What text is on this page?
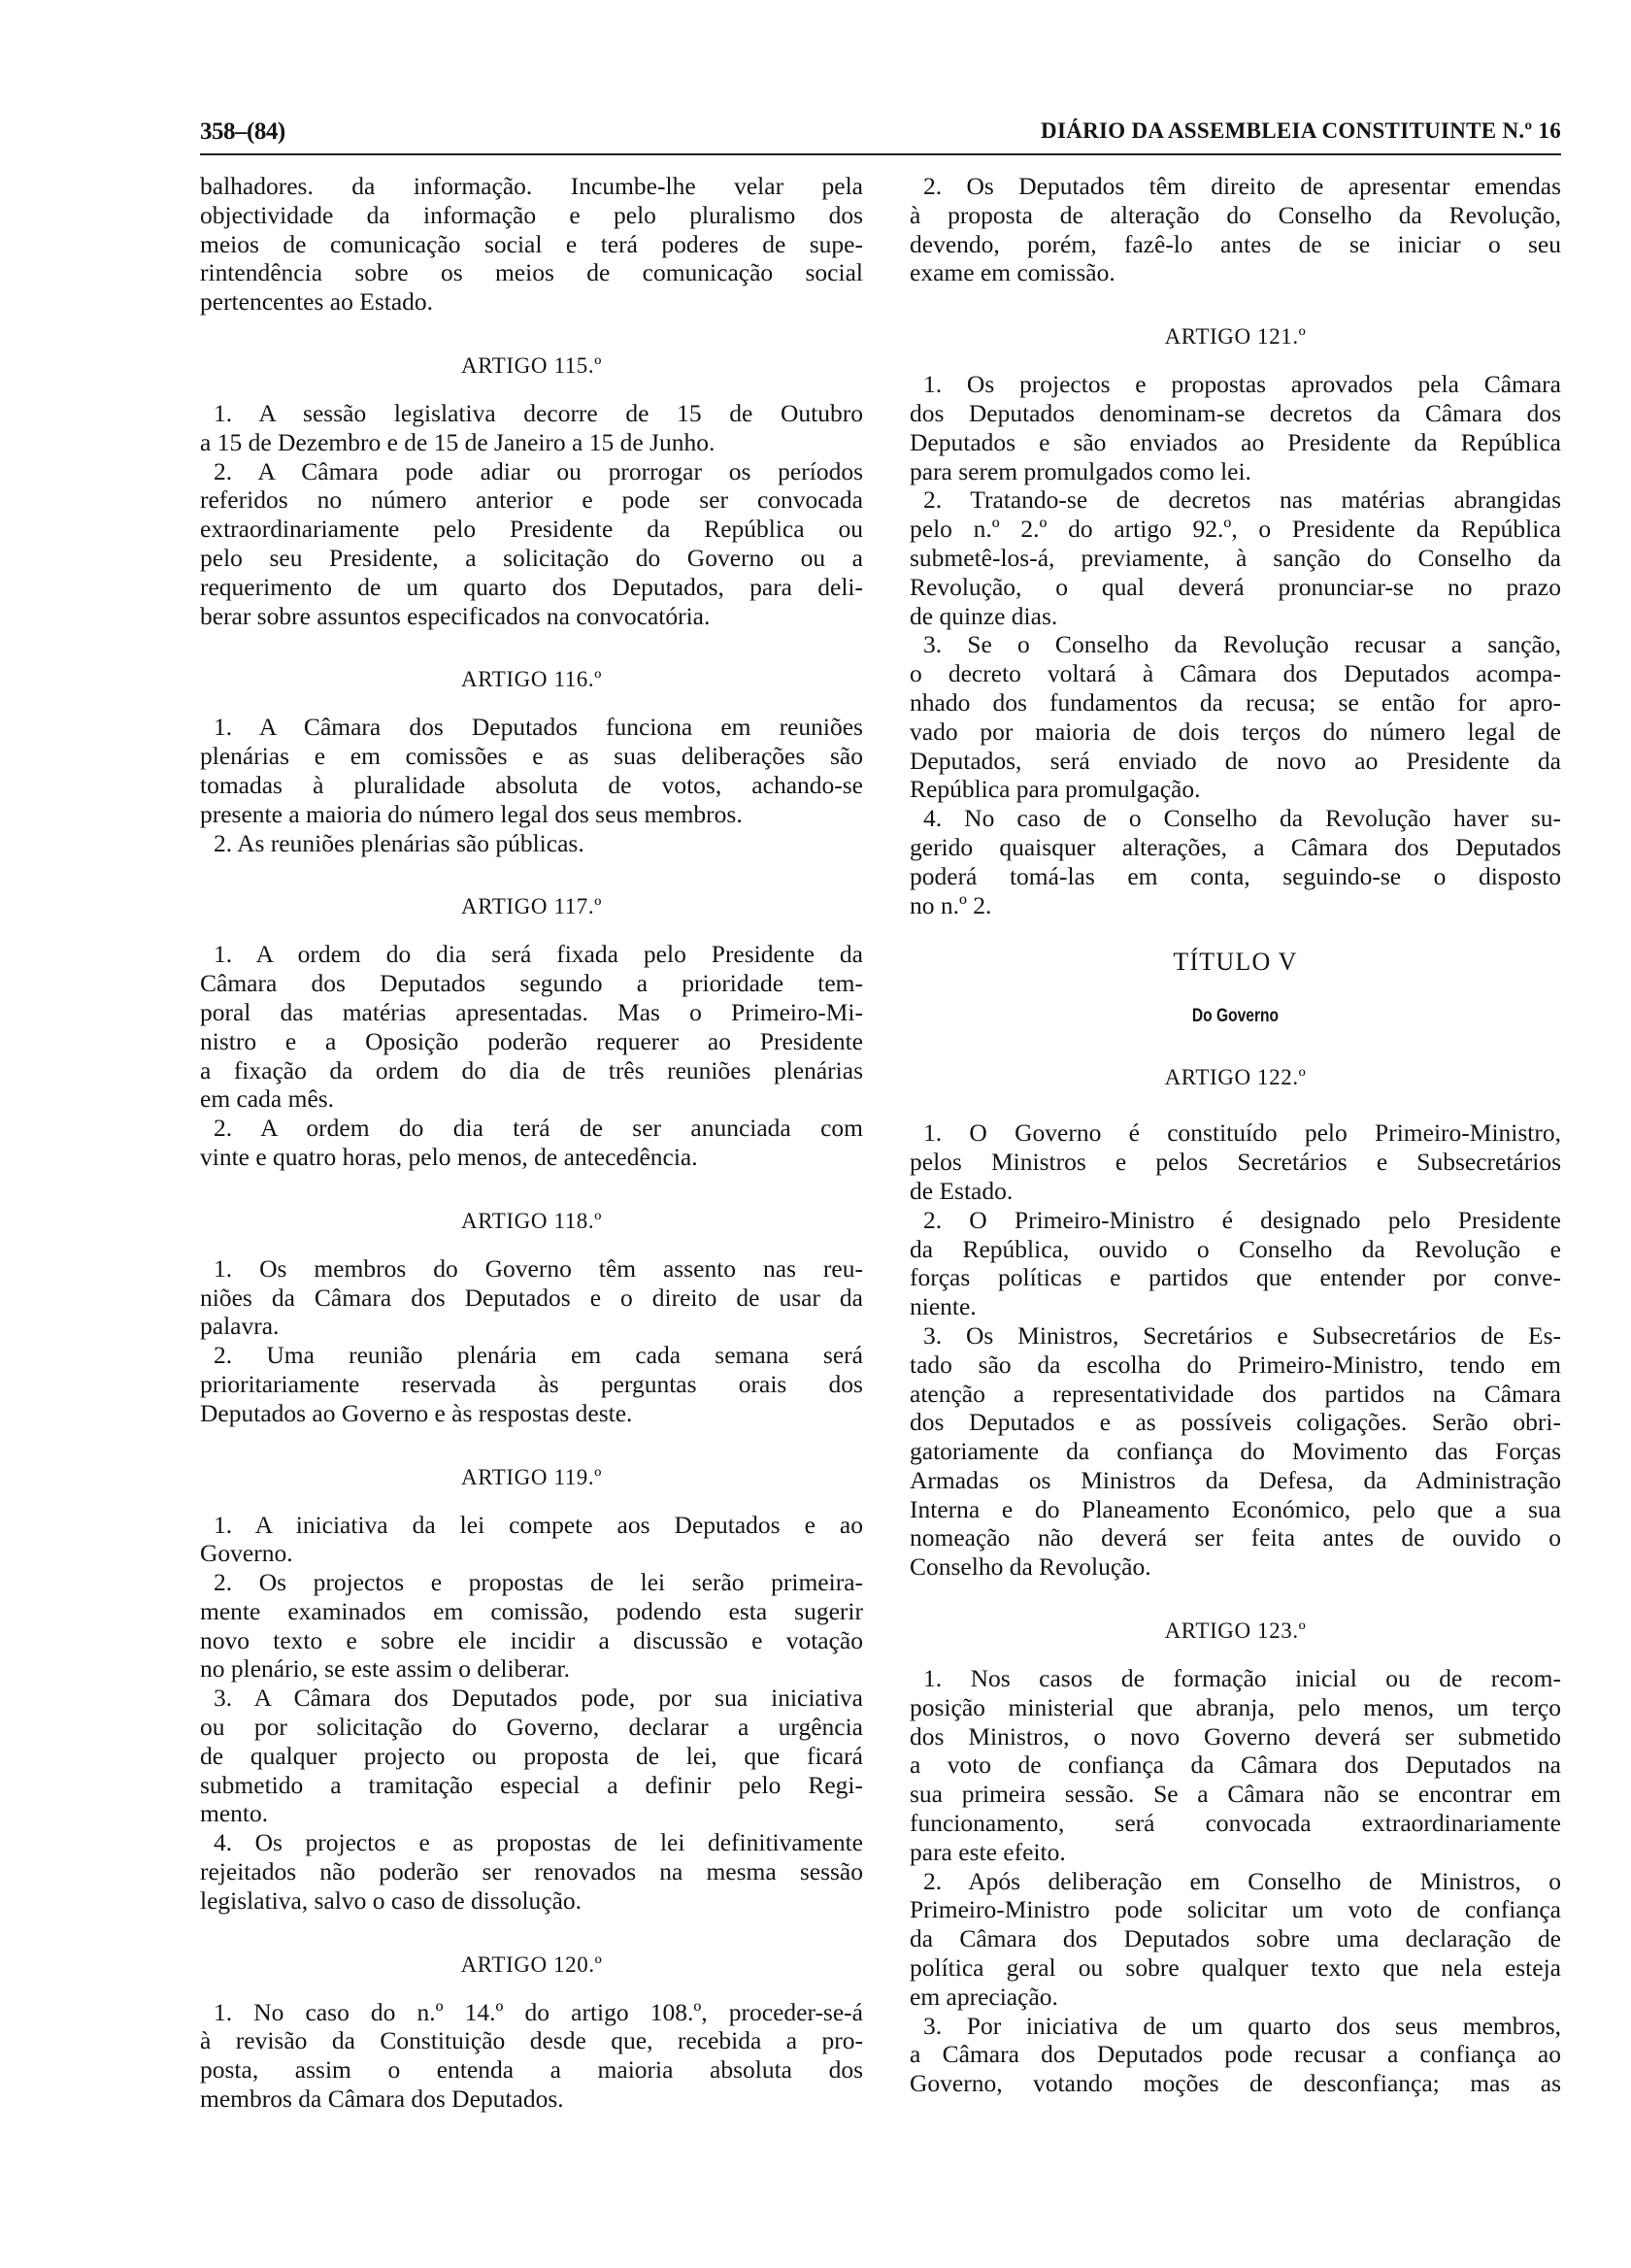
358–(84)	DIÁRIO DA ASSEMBLEIA CONSTITUINTE N.º 16
balhadores. da informação. Incumbe-lhe velar pela
objectividade da informação e pelo pluralismo dos
meios de comunicação social e terá poderes de supe-
rintendência sobre os meios de comunicação social
pertencentes ao Estado.
ARTIGO 115.º
1. A sessão legislativa decorre de 15 de Outubro
a 15 de Dezembro e de 15 de Janeiro a 15 de Junho.
2. A Câmara pode adiar ou prorrogar os períodos
referidos no número anterior e pode ser convocada
extraordinariamente pelo Presidente da República ou
pelo seu Presidente, a solicitação do Governo ou a
requerimento de um quarto dos Deputados, para deli-
berar sobre assuntos especificados na convocatória.
ARTIGO 116.º
1. A Câmara dos Deputados funciona em reuniões
plenárias e em comissões e as suas deliberações são
tomadas à pluralidade absoluta de votos, achando-se
presente a maioria do número legal dos seus membros.
2. As reuniões plenárias são públicas.
ARTIGO 117.º
1. A ordem do dia será fixada pelo Presidente da
Câmara dos Deputados segundo a prioridade tem-
poral das matérias apresentadas. Mas o Primeiro-Mi-
nistro e a Oposição poderão requerer ao Presidente
a fixação da ordem do dia de três reuniões plenárias
em cada mês.
2. A ordem do dia terá de ser anunciada com
vinte e quatro horas, pelo menos, de antecedência.
ARTIGO 118.º
1. Os membros do Governo têm assento nas reu-
niões da Câmara dos Deputados e o direito de usar da
palavra.
2. Uma reunião plenária em cada semana será
prioritariamente reservada às perguntas orais dos
Deputados ao Governo e às respostas deste.
ARTIGO 119.º
1. A iniciativa da lei compete aos Deputados e ao
Governo.
2. Os projectos e propostas de lei serão primeira-
mente examinados em comissão, podendo esta sugerir
novo texto e sobre ele incidir a discussão e votação
no plenário, se este assim o deliberar.
3. A Câmara dos Deputados pode, por sua iniciativa
ou por solicitação do Governo, declarar a urgência
de qualquer projecto ou proposta de lei, que ficará
submetido a tramitação especial a definir pelo Regi-
mento.
4. Os projectos e as propostas de lei definitivamente
rejeitados não poderão ser renovados na mesma sessão
legislativa, salvo o caso de dissolução.
ARTIGO 120.º
1. No caso do n.º 14.º do artigo 108.º, proceder-se-á
à revisão da Constituição desde que, recebida a pro-
posta, assim o entenda a maioria absoluta dos
membros da Câmara dos Deputados.
2. Os Deputados têm direito de apresentar emendas
à proposta de alteração do Conselho da Revolução,
devendo, porém, fazê-lo antes de se iniciar o seu
exame em comissão.
ARTIGO 121.º
1. Os projectos e propostas aprovados pela Câmara
dos Deputados denominam-se decretos da Câmara dos
Deputados e são enviados ao Presidente da República
para serem promulgados como lei.
2. Tratando-se de decretos nas matérias abrangidas
pelo n.º 2.º do artigo 92.º, o Presidente da República
submetê-los-á, previamente, à sanção do Conselho da
Revolução, o qual deverá pronunciar-se no prazo
de quinze dias.
3. Se o Conselho da Revolução recusar a sanção,
o decreto voltará à Câmara dos Deputados acompa-
nhado dos fundamentos da recusa; se então for apro-
vado por maioria de dois terços do número legal de
Deputados, será enviado de novo ao Presidente da
República para promulgação.
4. No caso de o Conselho da Revolução haver su-
gerido quaisquer alterações, a Câmara dos Deputados
poderá tomá-las em conta, seguindo-se o disposto
no n.º 2.
TÍTULO V
Do Governo
ARTIGO 122.º
1. O Governo é constituído pelo Primeiro-Ministro,
pelos Ministros e pelos Secretários e Subsecretários
de Estado.
2. O Primeiro-Ministro é designado pelo Presidente
da República, ouvido o Conselho da Revolução e
forças políticas e partidos que entender por conve-
niente.
3. Os Ministros, Secretários e Subsecretários de Es-
tado são da escolha do Primeiro-Ministro, tendo em
atenção a representatividade dos partidos na Câmara
dos Deputados e as possíveis coligações. Serão obri-
gatoriamente da confiança do Movimento das Forças
Armadas os Ministros da Defesa, da Administração
Interna e do Planeamento Económico, pelo que a sua
nomeação não deverá ser feita antes de ouvido o
Conselho da Revolução.
ARTIGO 123.º
1. Nos casos de formação inicial ou de recom-
posição ministerial que abranja, pelo menos, um terço
dos Ministros, o novo Governo deverá ser submetido
a voto de confiança da Câmara dos Deputados na
sua primeira sessão. Se a Câmara não se encontrar em
funcionamento, será convocada extraordinariamente
para este efeito.
2. Após deliberação em Conselho de Ministros, o
Primeiro-Ministro pode solicitar um voto de confiança
da Câmara dos Deputados sobre uma declaração de
política geral ou sobre qualquer texto que nela esteja
em apreciação.
3. Por iniciativa de um quarto dos seus membros,
a Câmara dos Deputados pode recusar a confiança ao
Governo, votando moções de desconfiança; mas as
